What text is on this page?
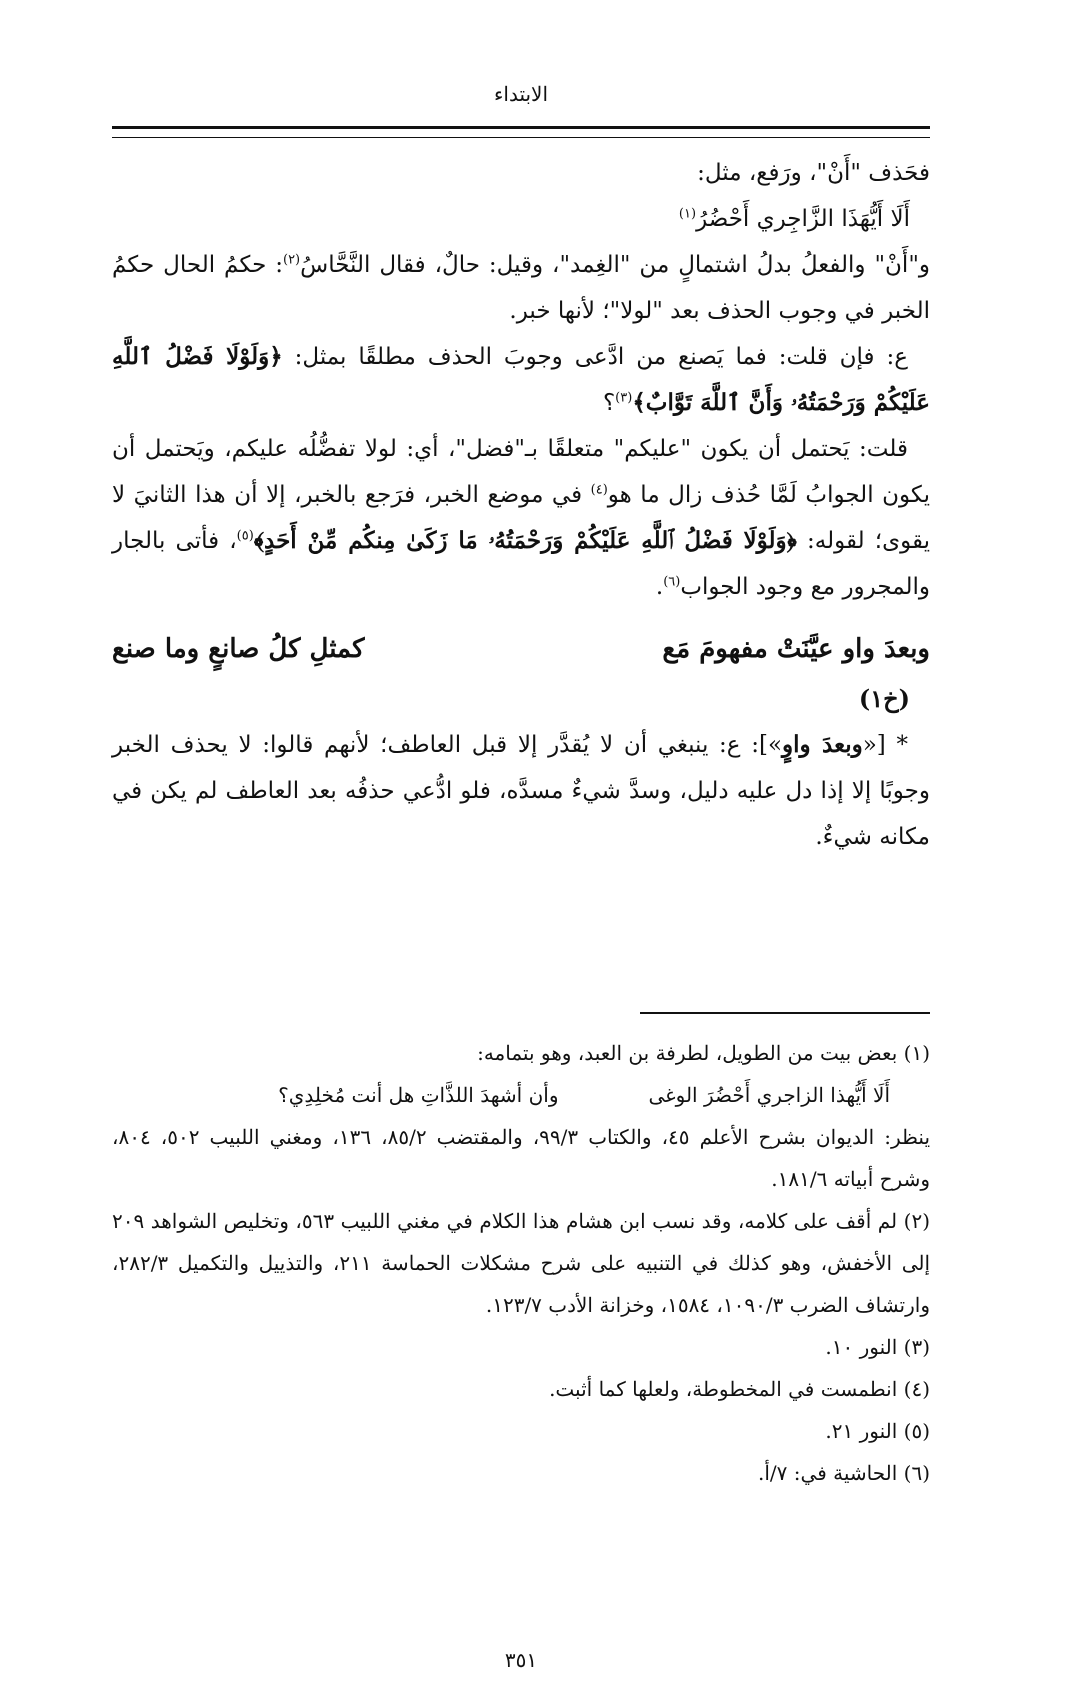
الابتداء

فحَذف "أَنْ"، ورَفع، مثل:

أَلَا أَيُّهَذَا الزَّاجِري أَحْضُرُ$^{(١)}$

و"أَنْ" والفعلُ بدلُ اشتمالٍ من "الغِمد"، وقيل: حالٌ، فقال النَّحَّاسُ$^{(٢)}$: حكمُ الحال حكمُ الخبر في وجوب الحذف بعد "لولا"؛ لأنها خبر.

ع: فإن قلت: فما يَصنع من ادَّعى وجوبَ الحذف مطلقًا بمثل: ﴿وَلَوْلَا فَضْلُ ٱللَّهِ عَلَيْكُمْ وَرَحْمَتُهُۥ وَأَنَّ ٱللَّهَ تَوَّابٌ﴾$^{(٣)}$؟

قلت: يَحتمل أن يكون "عليكم" متعلقًا بـ"فضل"، أي: لولا تفضُّلُه عليكم، ويَحتمل أن يكون الجوابُ لَمَّا حُذف زال ما هو$^{(٤)}$ في موضع الخبر، فرَجع بالخبر، إلا أن هذا الثانيَ لا يقوى؛ لقوله: ﴿وَلَوْلَا فَضْلُ ٱللَّهِ عَلَيْكُمْ وَرَحْمَتُهُۥ مَا زَكَىٰ مِنكُم مِّنْ أَحَدٍ﴾$^{(٥)}$، فأتى بالجار والمجرور مع وجود الجواب$^{(٦)}$.

وبعدَ واو عيَّنَتْ مفهومَ مَع
كمثلِ كلُ صانعٍ وما صنع

(خ١)

* [«وبعدَ واوٍ»]: ع: ينبغي أن لا يُقدَّر إلا قبل العاطف؛ لأنهم قالوا: لا يحذف الخبر وجوبًا إلا إذا دل عليه دليل، وسدَّ شيءٌ مسدَّه، فلو ادُّعي حذفُه بعد العاطف لم يكن في مكانه شيءٌ.

(١) بعض بيت من الطويل، لطرفة بن العبد، وهو بتمامه:

أَلَا أَيُّهذا الزاجري أَحْضُرَ الوغى
وأن أشهدَ اللذَّاتِ هل أنت مُخلِدِي؟

ينظر: الديوان بشرح الأعلم ٤٥، والكتاب ٩٩/٣، والمقتضب ٨٥/٢، ١٣٦، ومغني اللبيب ٥٠٢، ٨٠٤، وشرح أبياته ١٨١/٦.

(٢) لم أقف على كلامه، وقد نسب ابن هشام هذا الكلام في مغني اللبيب ٥٦٣، وتخليص الشواهد ٢٠٩ إلى الأخفش، وهو كذلك في التنبيه على شرح مشكلات الحماسة ٢١١، والتذييل والتكميل ٢٨٢/٣، وارتشاف الضرب ١٠٩٠/٣، ١٥٨٤، وخزانة الأدب ١٢٣/٧.

(٣) النور ١٠.

(٤) انطمست في المخطوطة، ولعلها كما أثبت.

(٥) النور ٢١.

(٦) الحاشية في: ٧/أ.

٣٥١
